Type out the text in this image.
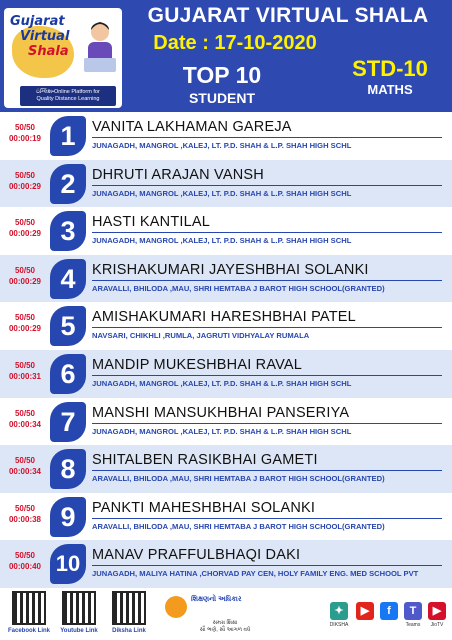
Gujarat
Virtual
Shala
ઇંગ્લિશ•Online Platform for
Quality Distance Learning
GUJARAT VIRTUAL SHALA
Date : 17-10-2020
TOP 10
STUDENT
STD-10
MATHS
50/50
00:00:19 1	VANITA LAKHAMAN GAREJA
JUNAGADH, MANGROL ,KALEJ, LT. P.D. SHAH & L.P. SHAH HIGH SCHL
50/50
00:00:29 2	DHRUTI ARAJAN VANSH
JUNAGADH, MANGROL ,KALEJ, LT. P.D. SHAH & L.P. SHAH HIGH SCHL
50/50
00:00:29 3	HASTI KANTILAL
JUNAGADH, MANGROL ,KALEJ, LT. P.D. SHAH & L.P. SHAH HIGH SCHL
50/50
00:00:29 4	KRISHAKUMARI JAYESHBHAI SOLANKI
ARAVALLI, BHILODA ,MAU, SHRI HEMTABA J BAROT HIGH SCHOOL(GRANTED)
50/50
00:00:29 5	AMISHAKUMARI HARESHBHAI PATEL
NAVSARI, CHIKHLI ,RUMLA, JAGRUTI VIDHYALAY RUMALA
50/50
00:00:31 6	MANDIP MUKESHBHAI RAVAL
JUNAGADH, MANGROL ,KALEJ, LT. P.D. SHAH & L.P. SHAH HIGH SCHL
50/50
00:00:34 7	MANSHI MANSUKHBHAI PANSERIYA
JUNAGADH, MANGROL ,KALEJ, LT. P.D. SHAH & L.P. SHAH HIGH SCHL
50/50
00:00:34 8	SHITALBEN RASIKBHAI GAMETI
ARAVALLI, BHILODA ,MAU, SHRI HEMTABA J BAROT HIGH SCHOOL(GRANTED)
50/50
00:00:38 9	PANKTI MAHESHBHAI SOLANKI
ARAVALLI, BHILODA ,MAU, SHRI HEMTABA J BAROT HIGH SCHOOL(GRANTED)
50/50
00:00:40 10 MANAV PRAFFULBHAQI DAKI
JUNAGADH, MALIYA HATINA ,CHORVAD PAY CEN, HOLY FAMILY ENG. MED SCHOOL PVT
Facebook Link	Youtube Link	Diksha Link
શિક્ષણનો અધિકાર
સમગ્ર શિક્ષા
સૌ ભણે, સૌ આગળ વધે
✦
DIKSHA
▶	f	T
Teams
▶
JioTV
